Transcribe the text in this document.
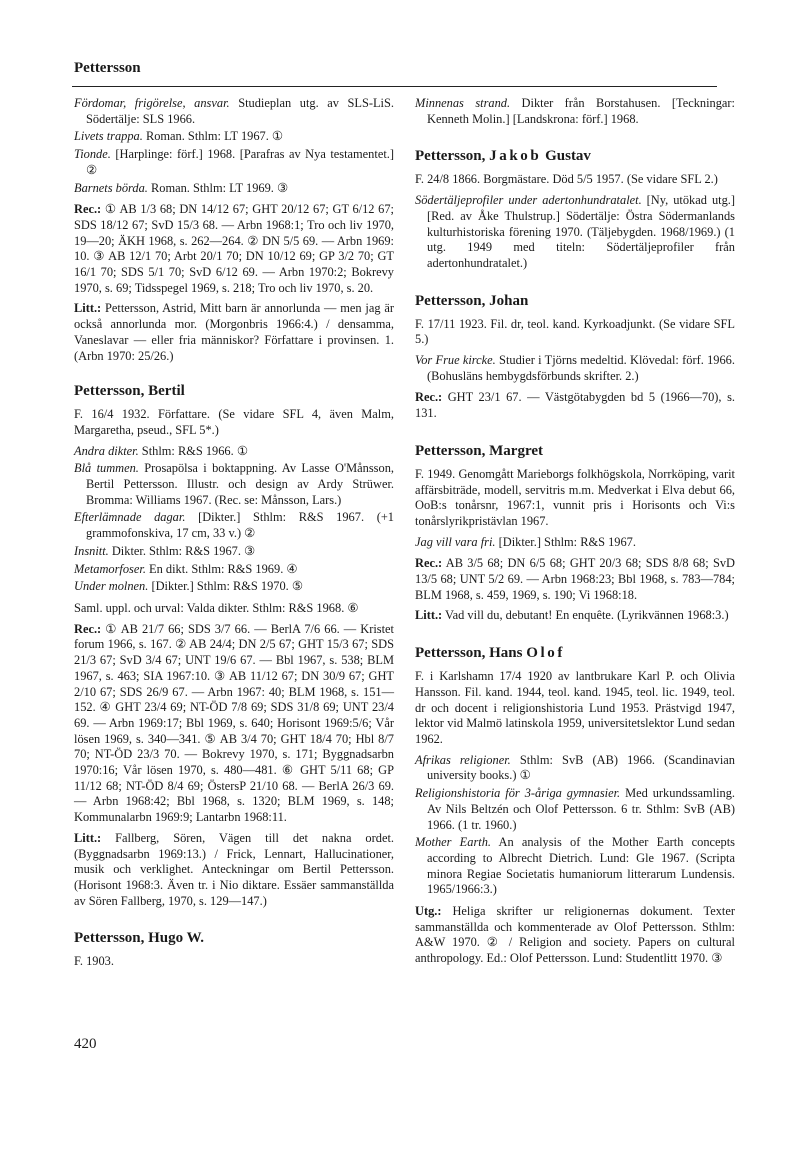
Pettersson

Fördomar, frigörelse, ansvar. Studieplan utg. av SLS-LiS. Södertälje: SLS 1966.

Livets trappa. Roman. Sthlm: LT 1967. ①

Tionde. [Harplinge: förf.] 1968. [Parafras av Nya testamentet.] ②

Barnets börda. Roman. Sthlm: LT 1969. ③

Rec.: ① AB 1/3 68; DN 14/12 67; GHT 20/12 67; GT 6/12 67; SDS 18/12 67; SvD 15/3 68. — Arbn 1968:1; Tro och liv 1970, 19—20; ÄKH 1968, s. 262—264. ② DN 5/5 69. — Arbn 1969: 10. ③ AB 12/1 70; Arbt 20/1 70; DN 10/12 69; GP 3/2 70; GT 16/1 70; SDS 5/1 70; SvD 6/12 69. — Arbn 1970:2; Bokrevy 1970, s. 69; Tidsspegel 1969, s. 218; Tro och liv 1970, s. 20.

Litt.: Pettersson, Astrid, Mitt barn är annorlunda — men jag är också annorlunda mor. (Morgonbris 1966:4.) / densamma, Vaneslavar — eller fria människor? Författare i provinsen. 1. (Arbn 1970: 25/26.)

Pettersson, Bertil

F. 16/4 1932. Författare. (Se vidare SFL 4, även Malm, Margaretha, pseud., SFL 5*.)

Andra dikter. Sthlm: R&S 1966. ①

Blå tummen. Prosapölsa i boktappning. Av Lasse O'Månsson, Bertil Pettersson. Illustr. och design av Ardy Strüwer. Bromma: Williams 1967. (Rec. se: Månsson, Lars.)

Efterlämnade dagar. [Dikter.] Sthlm: R&S 1967. (+1 grammofonskiva, 17 cm, 33 v.) ②

Insnitt. Dikter. Sthlm: R&S 1967. ③

Metamorfoser. En dikt. Sthlm: R&S 1969. ④

Under molnen. [Dikter.] Sthlm: R&S 1970. ⑤

Saml. uppl. och urval: Valda dikter. Sthlm: R&S 1968. ⑥

Rec.: ① AB 21/7 66; SDS 3/7 66. — BerlA 7/6 66. — Kristet forum 1966, s. 167. ② AB 24/4; DN 2/5 67; GHT 15/3 67; SDS 21/3 67; SvD 3/4 67; UNT 19/6 67. — Bbl 1967, s. 538; BLM 1967, s. 463; SIA 1967:10. ③ AB 11/12 67; DN 30/9 67; GHT 2/10 67; SDS 26/9 67. — Arbn 1967: 40; BLM 1968, s. 151—152. ④ GHT 23/4 69; NT-ÖD 7/8 69; SDS 31/8 69; UNT 23/4 69. — Arbn 1969:17; Bbl 1969, s. 640; Horisont 1969:5/6; Vår lösen 1969, s. 340—341. ⑤ AB 3/4 70; GHT 18/4 70; Hbl 8/7 70; NT-ÖD 23/3 70. — Bokrevy 1970, s. 171; Byggnadsarbn 1970:16; Vår lösen 1970, s. 480—481. ⑥ GHT 5/11 68; GP 11/12 68; NT-ÖD 8/4 69; ÖstersP 21/10 68. — BerlA 26/3 69. — Arbn 1968:42; Bbl 1968, s. 1320; BLM 1969, s. 148; Kommunalarbn 1969:9; Lantarbn 1968:11.

Litt.: Fallberg, Sören, Vägen till det nakna ordet. (Byggnadsarbn 1969:13.) / Frick, Lennart, Hallucinationer, musik och verklighet. Anteckningar om Bertil Pettersson. (Horisont 1968:3. Även tr. i Nio diktare. Essäer sammanställda av Sören Fallberg, 1970, s. 129—147.)

Pettersson, Hugo W.

F. 1903.

Minnenas strand. Dikter från Borstahusen. [Teckningar: Kenneth Molin.] [Landskrona: förf.] 1968.

Pettersson, Jakob Gustav

F. 24/8 1866. Borgmästare. Död 5/5 1957. (Se vidare SFL 2.)

Södertäljeprofiler under adertonhundratalet. [Ny, utökad utg.] [Red. av Åke Thulstrup.] Södertälje: Östra Södermanlands kulturhistoriska förening 1970. (Täljebygden. 1968/1969.) (1 utg. 1949 med titeln: Södertäljeprofiler från adertonhundratalet.)

Pettersson, Johan

F. 17/11 1923. Fil. dr, teol. kand. Kyrkoadjunkt. (Se vidare SFL 5.)

Vor Frue kircke. Studier i Tjörns medeltid. Klövedal: förf. 1966. (Bohusläns hembygdsförbunds skrifter. 2.)

Rec.: GHT 23/1 67. — Västgötabygden bd 5 (1966—70), s. 131.

Pettersson, Margret

F. 1949. Genomgått Marieborgs folkhögskola, Norrköping, varit affärsbiträde, modell, servitris m.m. Medverkat i Elva debut 66, OoB:s tonårsnr, 1967:1, vunnit pris i Horisonts och Vi:s tonårslyrikpristävlan 1967.

Jag vill vara fri. [Dikter.] Sthlm: R&S 1967.

Rec.: AB 3/5 68; DN 6/5 68; GHT 20/3 68; SDS 8/8 68; SvD 13/5 68; UNT 5/2 69. — Arbn 1968:23; Bbl 1968, s. 783—784; BLM 1968, s. 459, 1969, s. 190; Vi 1968:18.

Litt.: Vad vill du, debutant! En enquête. (Lyrikvännen 1968:3.)

Pettersson, Hans Olof

F. i Karlshamn 17/4 1920 av lantbrukare Karl P. och Olivia Hansson. Fil. kand. 1944, teol. kand. 1945, teol. lic. 1949, teol. dr och docent i religionshistoria Lund 1953. Prästvigd 1947, lektor vid Malmö latinskola 1959, universitetslektor Lund sedan 1962.

Afrikas religioner. Sthlm: SvB (AB) 1966. (Scandinavian university books.) ①

Religionshistoria för 3-åriga gymnasier. Med urkundssamling. Av Nils Beltzén och Olof Pettersson. 6 tr. Sthlm: SvB (AB) 1966. (1 tr. 1960.)

Mother Earth. An analysis of the Mother Earth concepts according to Albrecht Dietrich. Lund: Gle 1967. (Scripta minora Regiae Societatis humaniorum litterarum Lundensis. 1965/1966:3.)

Utg.: Heliga skrifter ur religionernas dokument. Texter sammanställda och kommenterade av Olof Pettersson. Sthlm: A&W 1970. ② / Religion and society. Papers on cultural anthropology. Ed.: Olof Pettersson. Lund: Studentlitt 1970. ③

420
